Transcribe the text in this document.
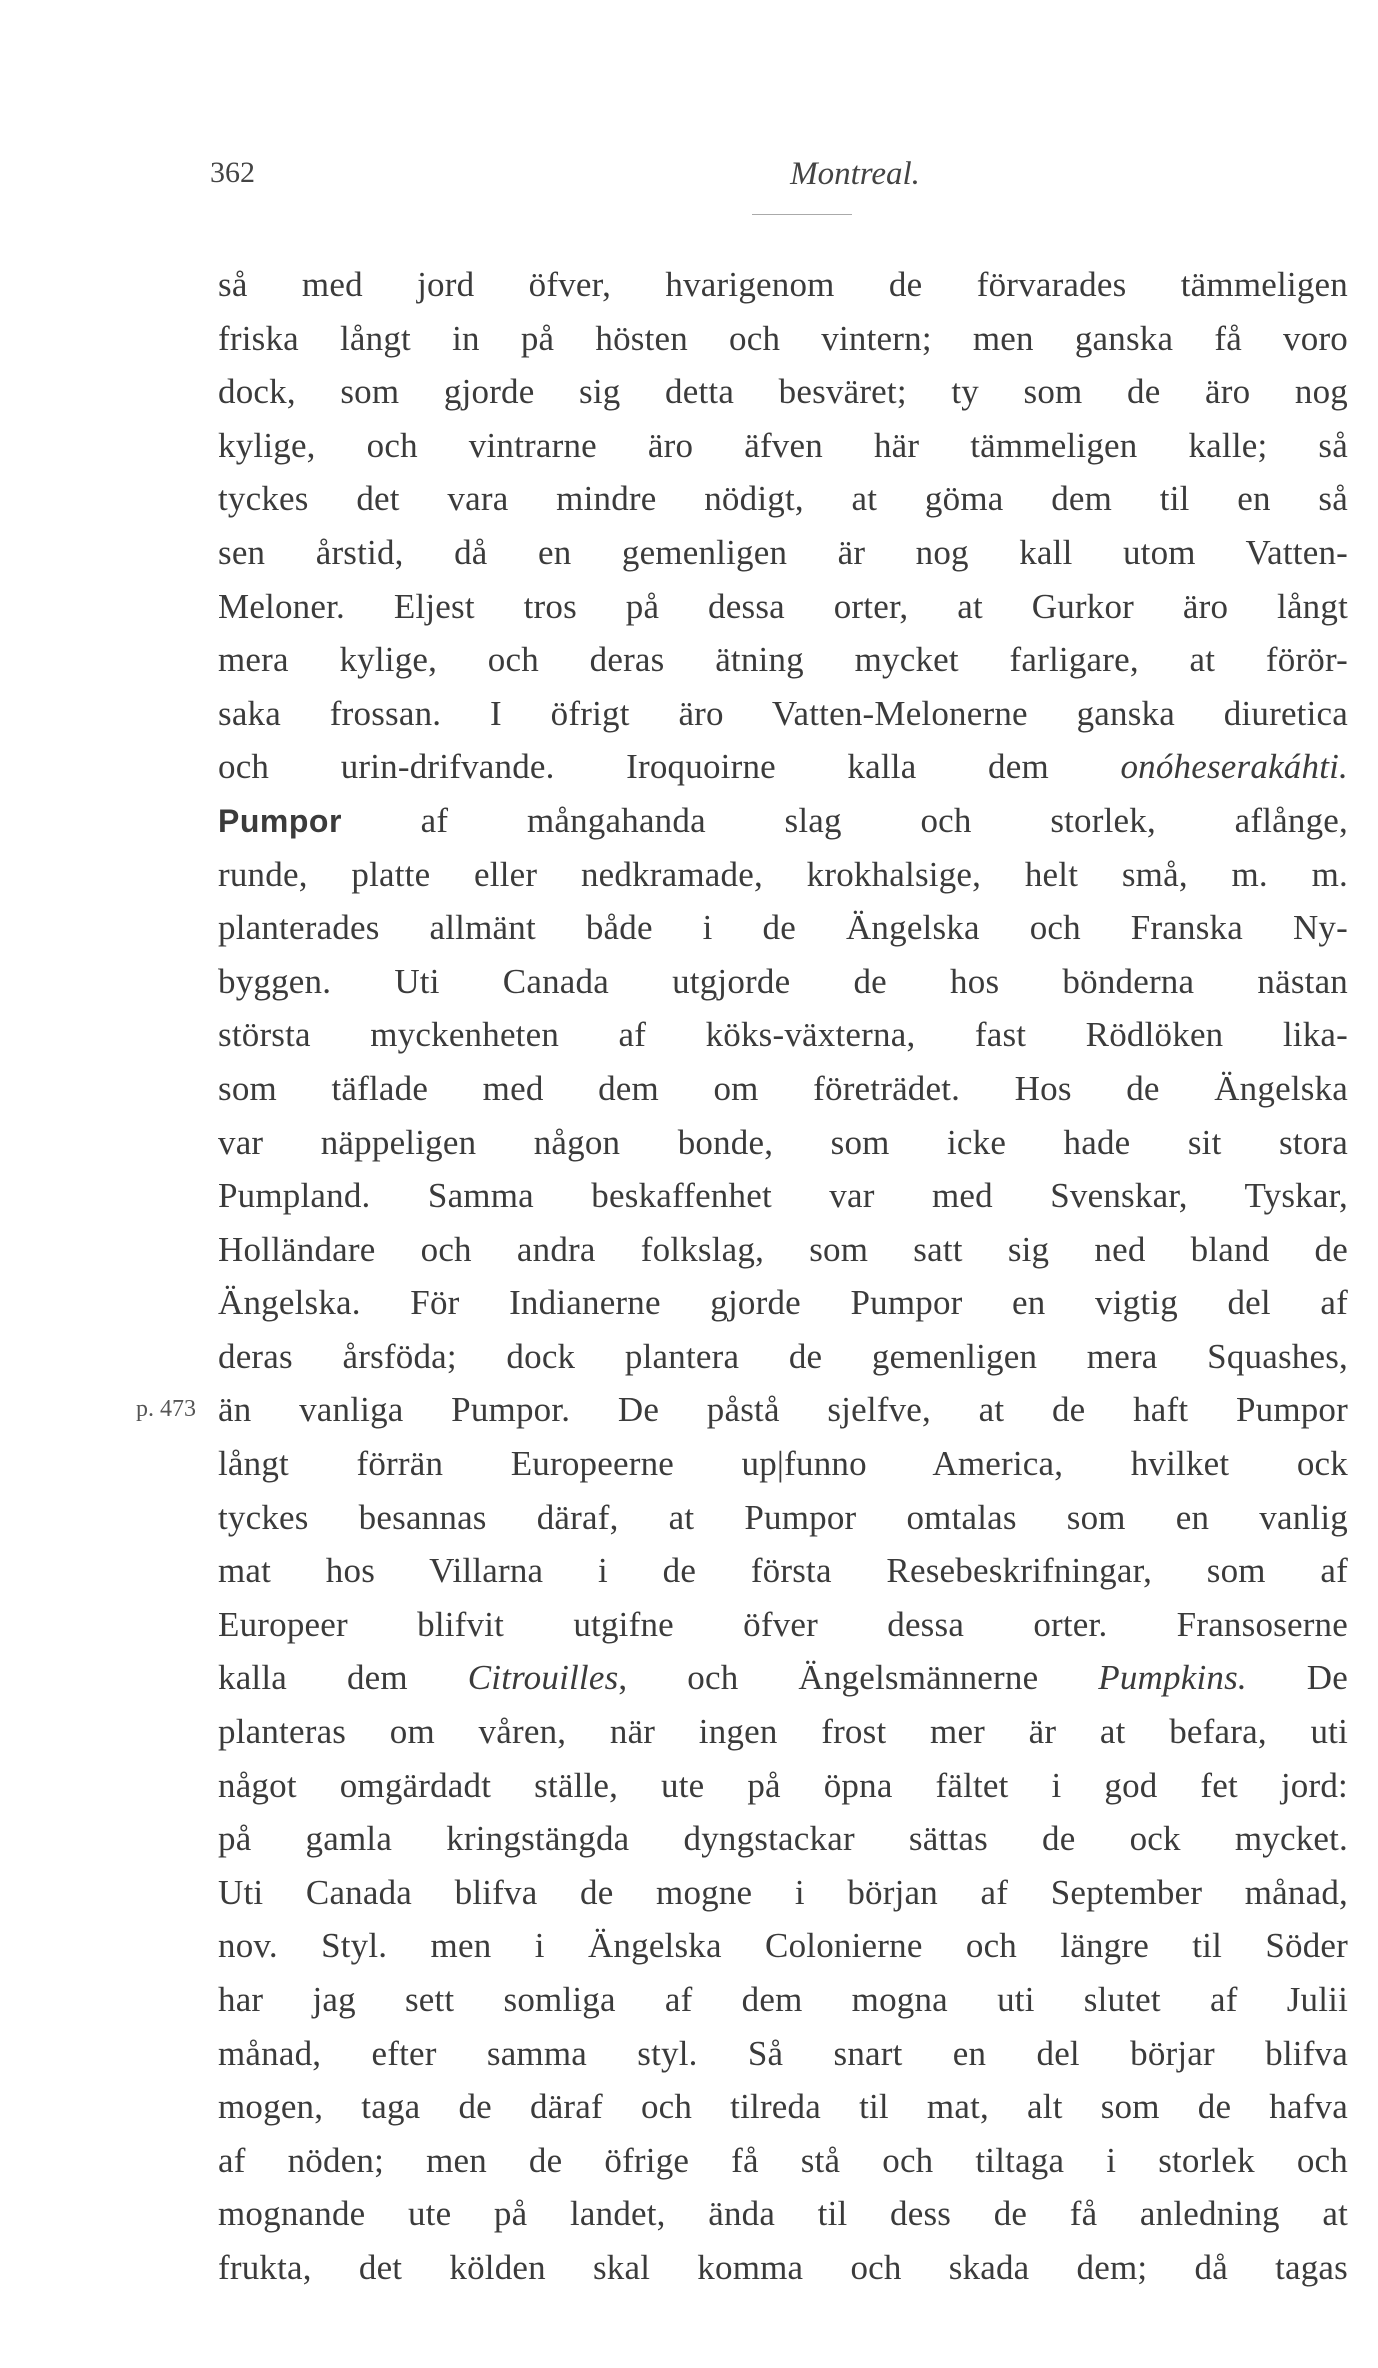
362	Montreal.
p. 473
så med jord öfver, hvarigenom de förvarades tämmeligen
friska långt in på hösten och vintern; men ganska få voro
dock, som gjorde sig detta besväret; ty som de äro nog
kylige, och vintrarne äro äfven här tämmeligen kalle; så
tyckes det vara mindre nödigt, at göma dem til en så
sen årstid, då en gemenligen är nog kall utom Vatten-
Meloner. Eljest tros på dessa orter, at Gurkor äro långt
mera kylige, och deras ätning mycket farligare, at förör-
saka frossan. I öfrigt äro Vatten-Melonerne ganska diuretica
och urin-drifvande. Iroquoirne kalla dem onóheserakáhti.
Pumpor af mångahanda slag och storlek, aflånge,
runde, platte eller nedkramade, krokhalsige, helt små, m. m.
planterades allmänt både i de Ängelska och Franska Ny-
byggen. Uti Canada utgjorde de hos bönderna nästan
största myckenheten af köks-växterna, fast Rödlöken lika-
som täflade med dem om företrädet. Hos de Ängelska
var näppeligen någon bonde, som icke hade sit stora
Pumpland. Samma beskaffenhet var med Svenskar, Tyskar,
Holländare och andra folkslag, som satt sig ned bland de
Ängelska. För Indianerne gjorde Pumpor en vigtig del af
deras årsföda; dock plantera de gemenligen mera Squashes,
än vanliga Pumpor. De påstå sjelfve, at de haft Pumpor
långt förrän Europeerne up|funno America, hvilket ock
tyckes besannas däraf, at Pumpor omtalas som en vanlig
mat hos Villarna i de första Resebeskrifningar, som af
Europeer blifvit utgifne öfver dessa orter. Fransoserne
kalla dem Citrouilles, och Ängelsmännerne Pumpkins. De
planteras om våren, när ingen frost mer är at befara, uti
något omgärdadt ställe, ute på öpna fältet i god fet jord:
på gamla kringstängda dyngstackar sättas de ock mycket.
Uti Canada blifva de mogne i början af September månad,
nov. Styl. men i Ängelska Colonierne och längre til Söder
har jag sett somliga af dem mogna uti slutet af Julii
månad, efter samma styl. Så snart en del börjar blifva
mogen, taga de däraf och tilreda til mat, alt som de hafva
af nöden; men de öfrige få stå och tiltaga i storlek och
mognande ute på landet, ända til dess de få anledning at
frukta, det kölden skal komma och skada dem; då tagas
